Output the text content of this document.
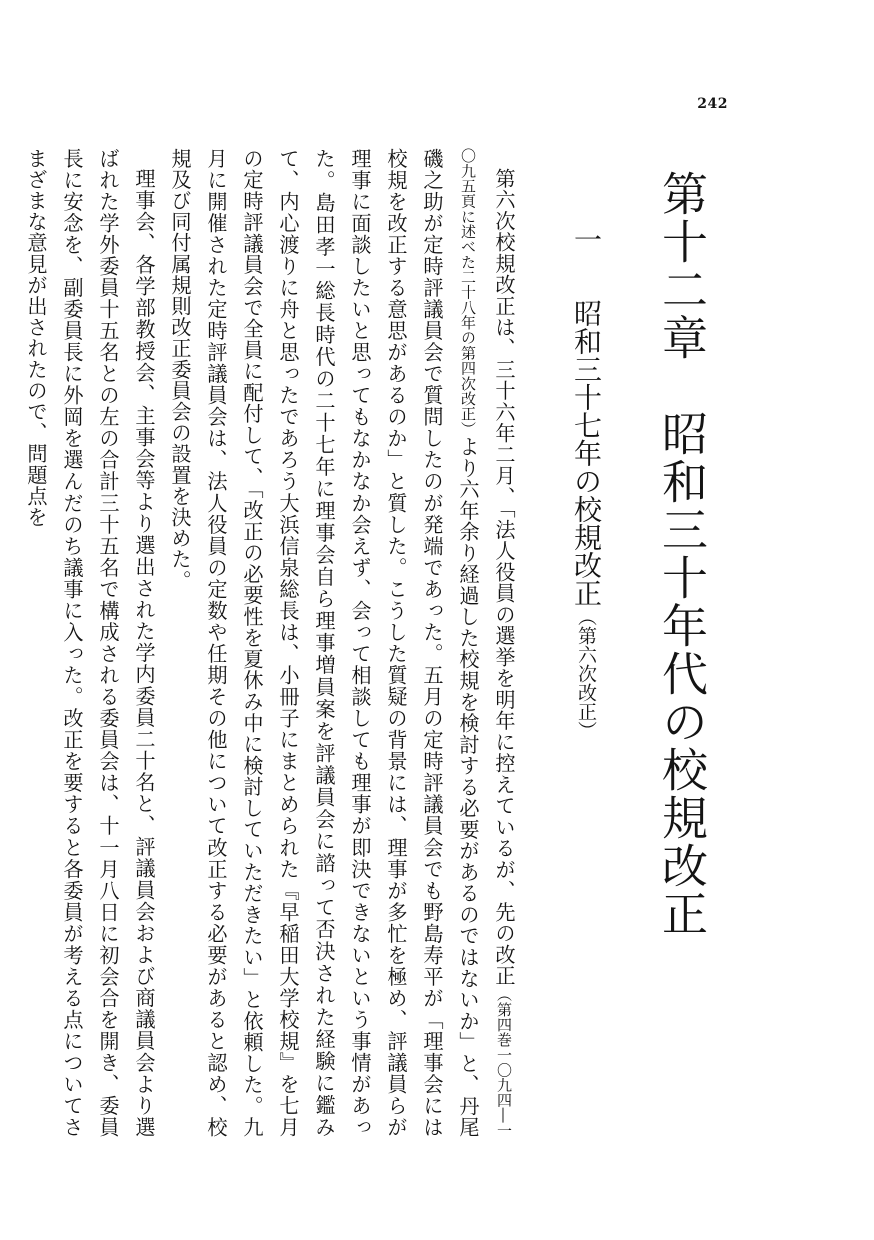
242
第十二章　昭和三十年代の校規改正
一　昭和三十七年の校規改正（第六次改正）

第六次校規改正は、三十六年二月、「法人役員の選挙を明年に控えているが、先の改正（第四巻一〇九四―一〇九五頁に述べた二十八年の第四次改正）より六年余り経過した校規を検討する必要があるのではないか」と、丹尾磯之助が定時評議員会で質問したのが発端であった。五月の定時評議員会でも野島寿平が「理事会には校規を改正する意思があるのか」と質した。こうした質疑の背景には、理事が多忙を極め、評議員らが理事に面談したいと思ってもなかなか会えず、会って相談しても理事が即決できないという事情があった。島田孝一総長時代の二十七年に理事会自ら理事増員案を評議員会に諮って否決された経験に鑑みて、内心渡りに舟と思ったであろう大浜信泉総長は、小冊子にまとめられた『早稲田大学校規』を七月の定時評議員会で全員に配付して、「改正の必要性を夏休み中に検討していただきたい」と依頼した。九月に開催された定時評議員会は、法人役員の定数や任期その他について改正する必要があると認め、校規及び同付属規則改正委員会の設置を決めた。

理事会、各学部教授会、主事会等より選出された学内委員二十名と、評議員会および商議員会より選ばれた学外委員十五名との左の合計三十五名で構成される委員会は、十一月八日に初会合を開き、委員長に安念を、副委員長に外岡を選んだのち議事に入った。改正を要すると各委員が考える点についてさまざまな意見が出されたので、問題点を
